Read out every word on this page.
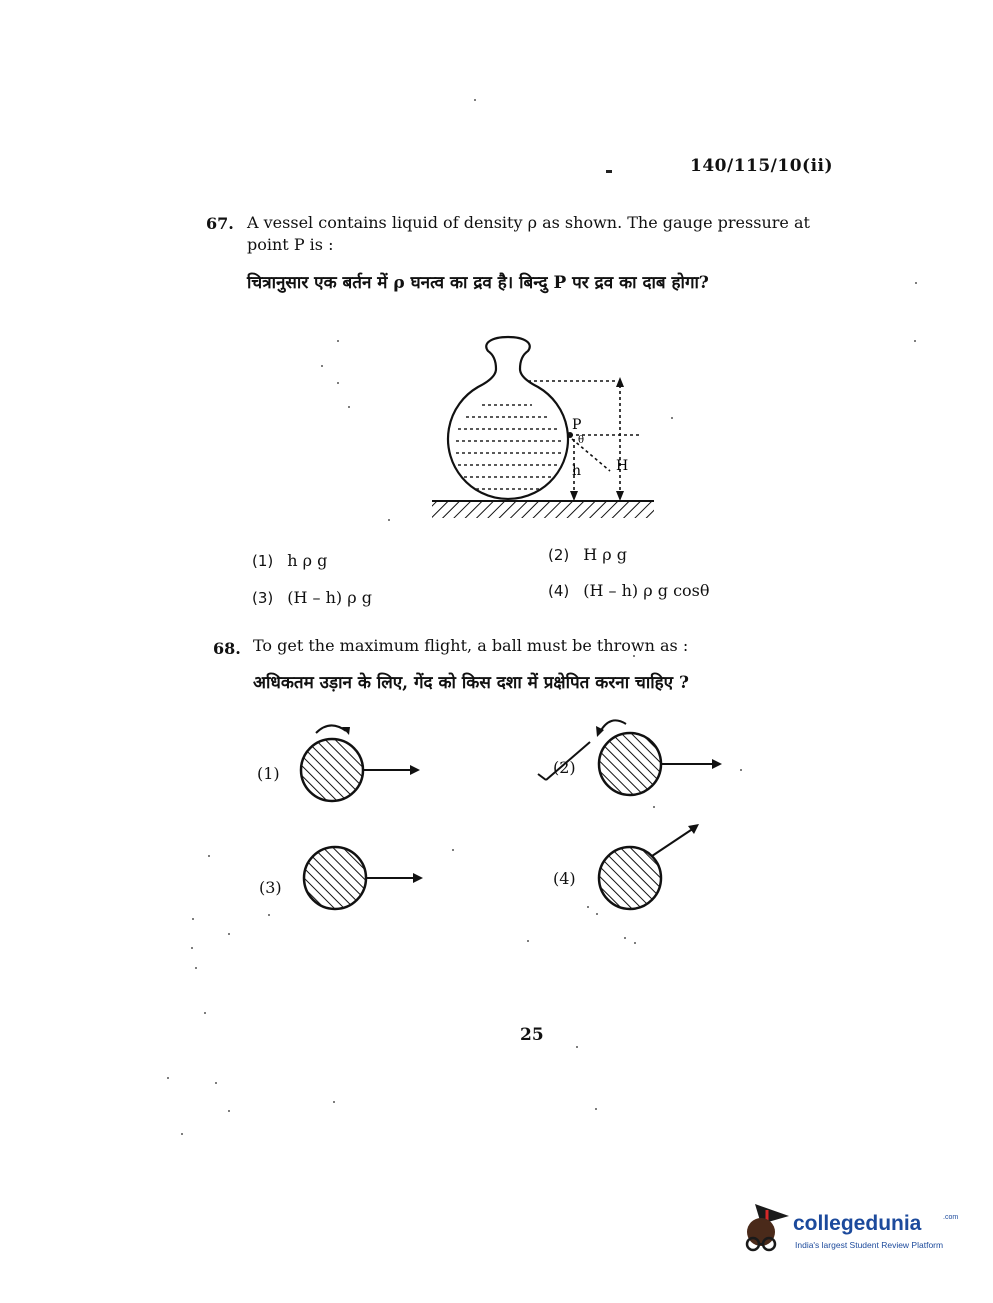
140/115/10(ii)
67. A vessel contains liquid of density ρ as shown. The gauge pressure at point P is :
चित्रानुसार एक बर्तन में ρ घनत्व का द्रव है। बिन्दु P पर द्रव का दाब होगा?
P
θ
h H
(1) h ρ g	(2) H ρ g
(3) (H – h) ρ g	(4) (H – h) ρ g cosθ
68. To get the maximum flight, a ball must be thrown as :
अधिकतम उड़ान के लिए, गेंद को किस दशा में प्रक्षेपित करना चाहिए ?
(1)	(2)
(3)	(4)
25
collegedunia	.com
India's largest Student Review Platform
